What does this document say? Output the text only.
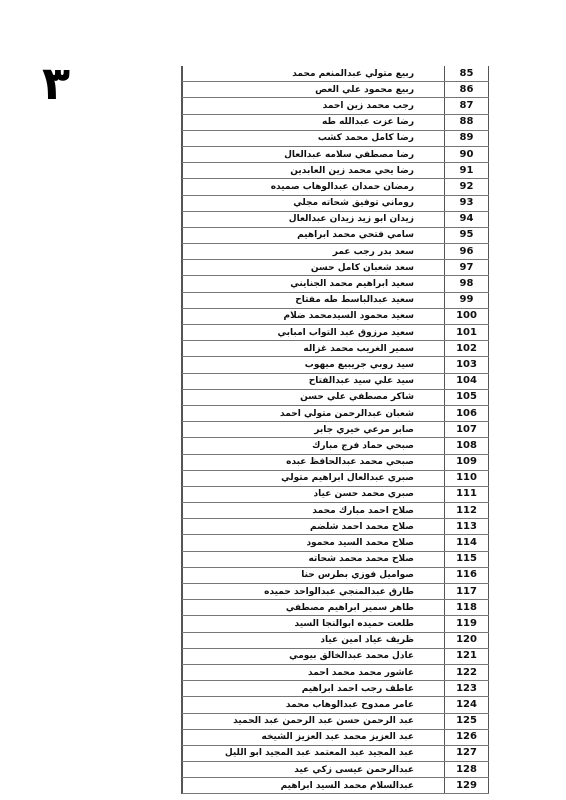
٣	ربيع متولي عبدالمنعم محمد		85
ربيع محمود علي العص		86
رجب محمد زين احمد		87
رضا عزت عبدالله طه		88
رضا كامل محمد كشب		89
رضا مصطفي سلامه عبدالعال		90
رضا يحي محمد زين العابدين		91
رمضان حمدان عبدالوهاب صميده		92
روماني توفيق شحاته مجلي		93
زيدان ابو زيد زيدان عبدالعال		94
سامي فتحي محمد ابراهيم		95
سعد بدر رجب عمر		96
سعد شعبان كامل حسن		97
سعيد ابراهيم محمد الجنايني		98
سعيد عبدالباسط طه مفتاح		99
سعيد محمود السيدمحمد ضلام		100
سعيد مرزوق عبد التواب امبابي		101
سمير الغريب محمد غزاله		102
سيد روبي جريبيع ميهوب		103
سيد علي سيد عبدالفتاح		104
شاكر مصطفي علي حسن		105
شعبان عبدالرحمن متولي احمد		106
صابر مرعي خيري جابر		107
صبحي حماد فرج مبارك		108
صبحي محمد عبدالحافظ عبده		109
صبري عبدالعال ابراهيم متولي		110
صبري محمد حسن عياد		111
صلاح احمد مبارك محمد		112
صلاح محمد احمد شلضم		113
صلاح محمد السيد محمود		114
صلاح محمد محمد شحاته		115
صواميل فوزي بطرس حنا		116
طارق عبدالمنجي عبدالواحد حميده		117
طاهر سمير ابراهيم مصطفي		118
طلعت حميده ابوالنجا السيد		119
ظريف عياد امين عياد		120
عادل محمد عبدالخالق بيومي		121
عاشور محمد محمد احمد		122
عاطف رجب احمد ابراهيم		123
عامر ممدوح عبدالوهاب محمد		124
عبد الرحمن حسن عبد الرحمن عبد الحميد		125
عبد العزيز محمد عبد العزيز الشيخه		126
عبد المجيد عبد المعتمد عبد المجيد ابو الليل		127
عبدالرحمن عيسى زكي عيد		128
عبدالسلام محمد السيد ابراهيم		129
